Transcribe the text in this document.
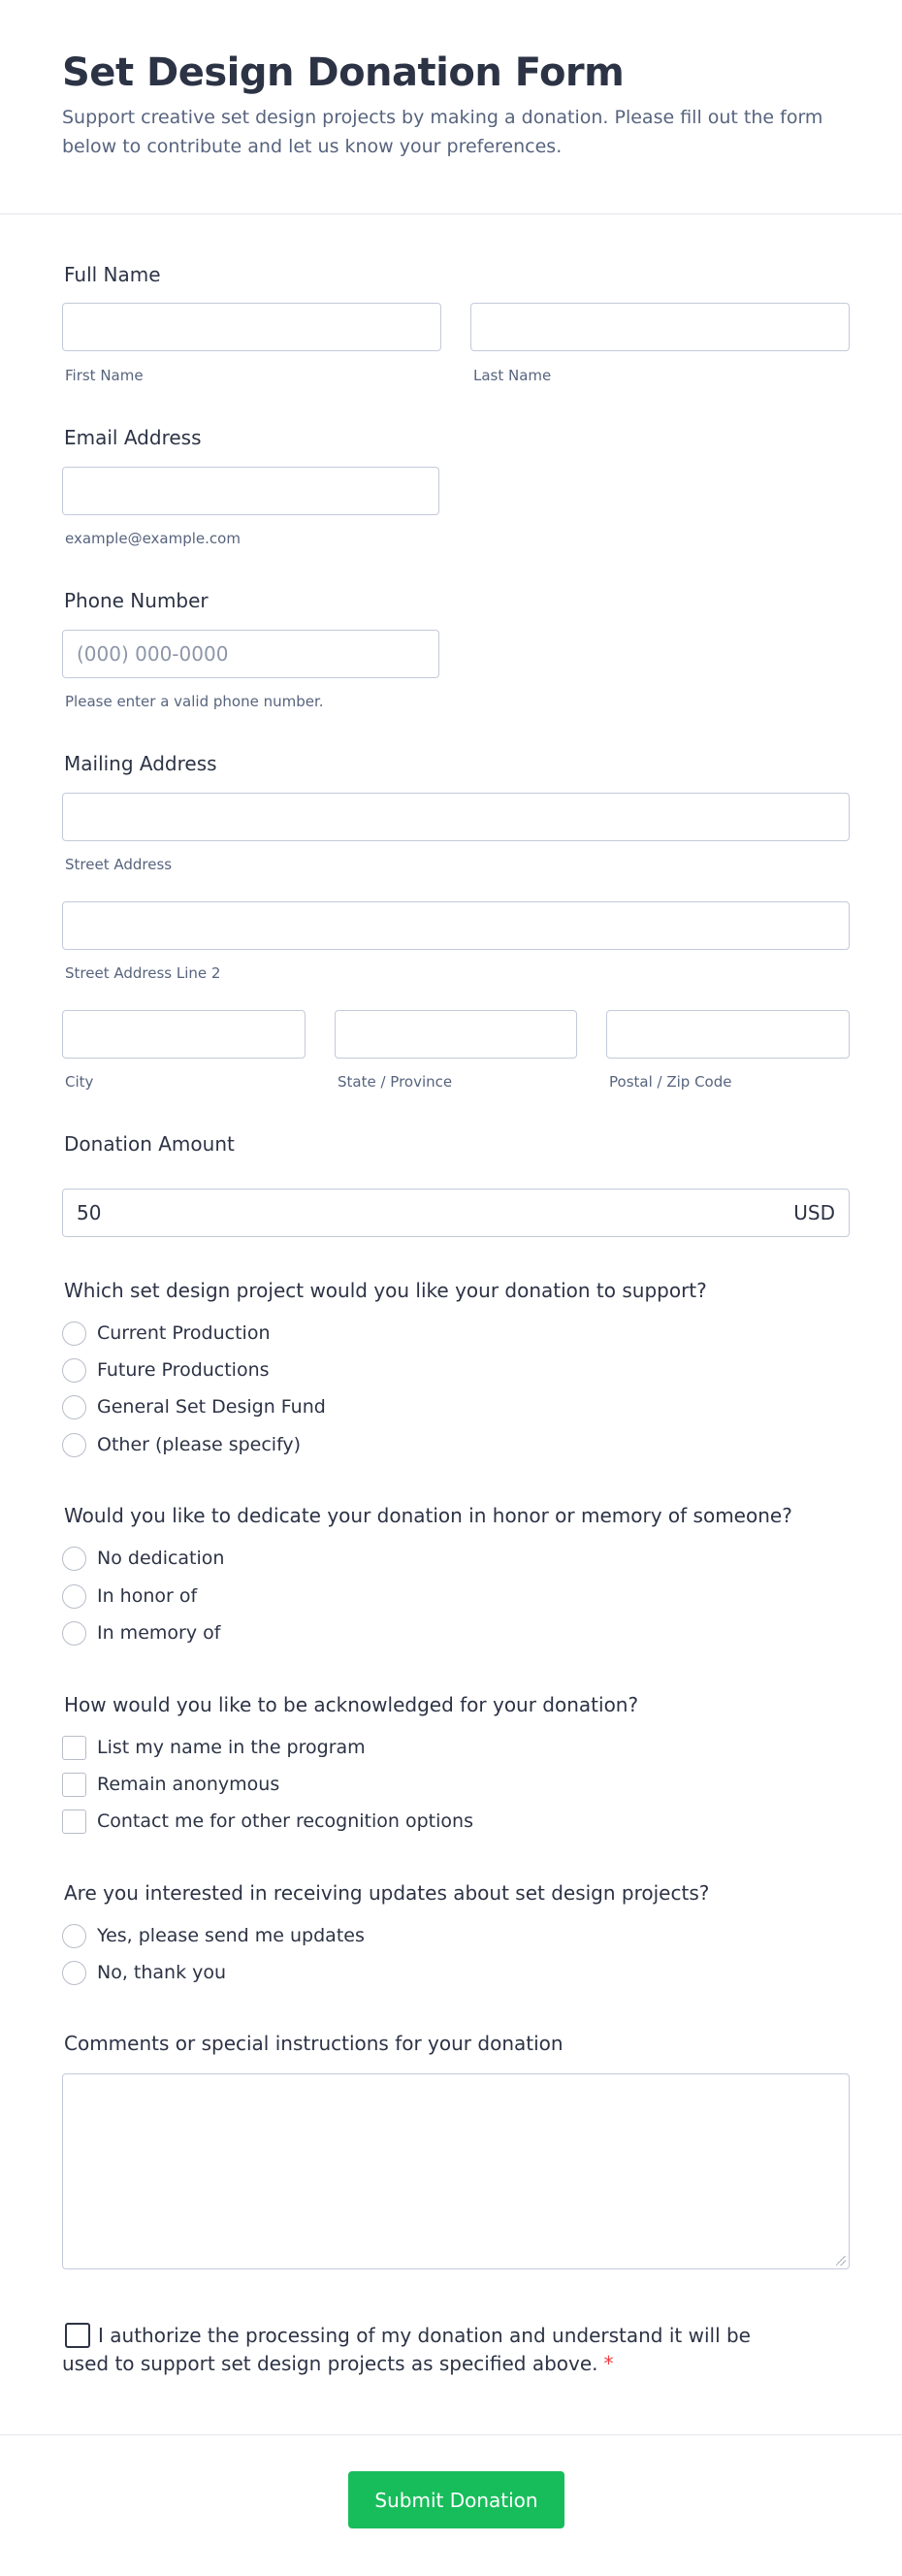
Set Design Donation Form
Support creative set design projects by making a donation. Please fill out the form below to contribute and let us know your preferences.
Full Name
First Name	Last Name
Email Address
example@example.com
Phone Number
(000) 000-0000
Please enter a valid phone number.
Mailing Address
Street Address
Street Address Line 2
City	State / Province	Postal / Zip Code
Donation Amount
50	USD
Which set design project would you like your donation to support?
Current Production
Future Productions
General Set Design Fund
Other (please specify)
Would you like to dedicate your donation in honor or memory of someone?
No dedication
In honor of
In memory of
How would you like to be acknowledged for your donation?
List my name in the program
Remain anonymous
Contact me for other recognition options
Are you interested in receiving updates about set design projects?
Yes, please send me updates
No, thank you
Comments or special instructions for your donation
I authorize the processing of my donation and understand it will be used to support set design projects as specified above. *
Submit Donation
